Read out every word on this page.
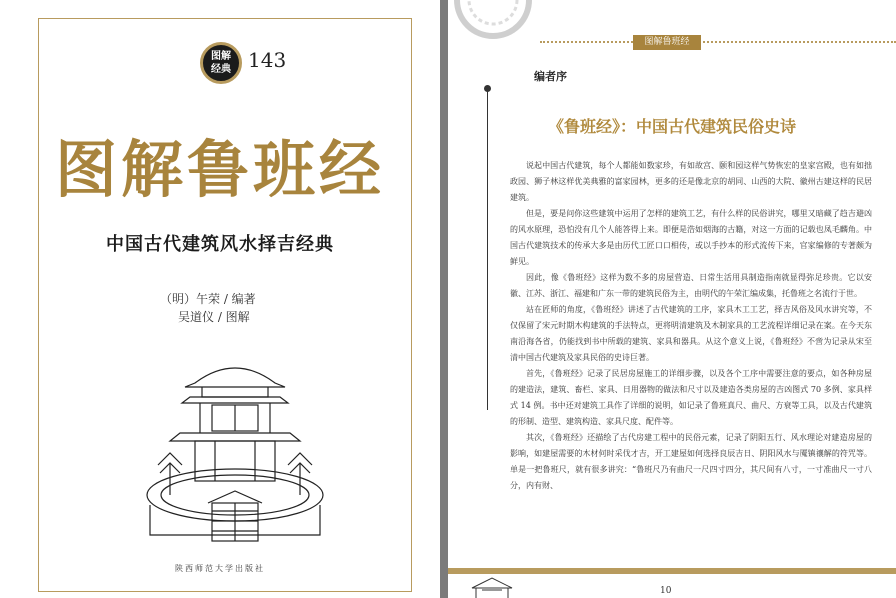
图解经典 143
图解鲁班经
中国古代建筑风水择吉经典
（明）午荣 / 编著
吴道仪 / 图解
陕西师范大学出版社
图解鲁班经
编者序
《鲁班经》：中国古代建筑民俗史诗

说起中国古代建筑，每个人都能如数家珍，有如故宫、颐和园这样气势恢宏的皇家宫殿，也有如拙政园、狮子林这样优美典雅的富家园林，更多的还是像北京的胡同、山西的大院、徽州古建这样的民居建筑。

但是，要是问你这些建筑中运用了怎样的建筑工艺，有什么样的民俗讲究，哪里又暗藏了趋吉避凶的风水原理，恐怕没有几个人能答得上来。即便是浩如烟海的古籍，对这一方面的记载也凤毛麟角。中国古代建筑技术的传承大多是由历代工匠口口相传，或以手抄本的形式流传下来，官家编修的专著颇为鲜见。

因此，像《鲁班经》这样为数不多的房屋营造、日常生活用具制造指南就显得弥足珍贵。它以安徽、江苏、浙江、福建和广东一带的建筑民俗为主，由明代的午荣汇编成集，托鲁班之名流行于世。

站在匠师的角度，《鲁班经》讲述了古代建筑的工序，家具木工工艺，择吉风俗及风水讲究等，不仅保留了宋元时期木构建筑的手法特点，更将明清建筑及木制家具的工艺流程详细记录在案。在今天东南沿海各省，仍能找到书中所载的建筑、家具和器具。从这个意义上说，《鲁班经》不啻为记录从宋至清中国古代建筑及家具民俗的史诗巨著。

首先，《鲁班经》记录了民居房屋施工的详细步骤，以及各个工序中需要注意的要点，如各种房屋的建造法，建筑、畜栏、家具、日用器物的做法和尺寸以及建造各类房屋的吉凶图式 70 多例、家具样式 14 例。书中还对建筑工具作了详细的说明，如记录了鲁班真尺、曲尺、方衰等工具，以及古代建筑的形制、造型、建筑构造、家具尺度、配件等。

其次，《鲁班经》还描绘了古代房建工程中的民俗元素，记录了阴阳五行、风水理论对建造房屋的影响，如建屋需要的木材何时采伐才吉，开工建屋如何选择良辰吉日、阴阳风水与魇镇禳解的符咒等。单是一把鲁班尺，就有很多讲究：“鲁班尺乃有曲尺一尺四寸四分，其尺间有八寸，一寸准曲尺一寸八分，内有财、

10
